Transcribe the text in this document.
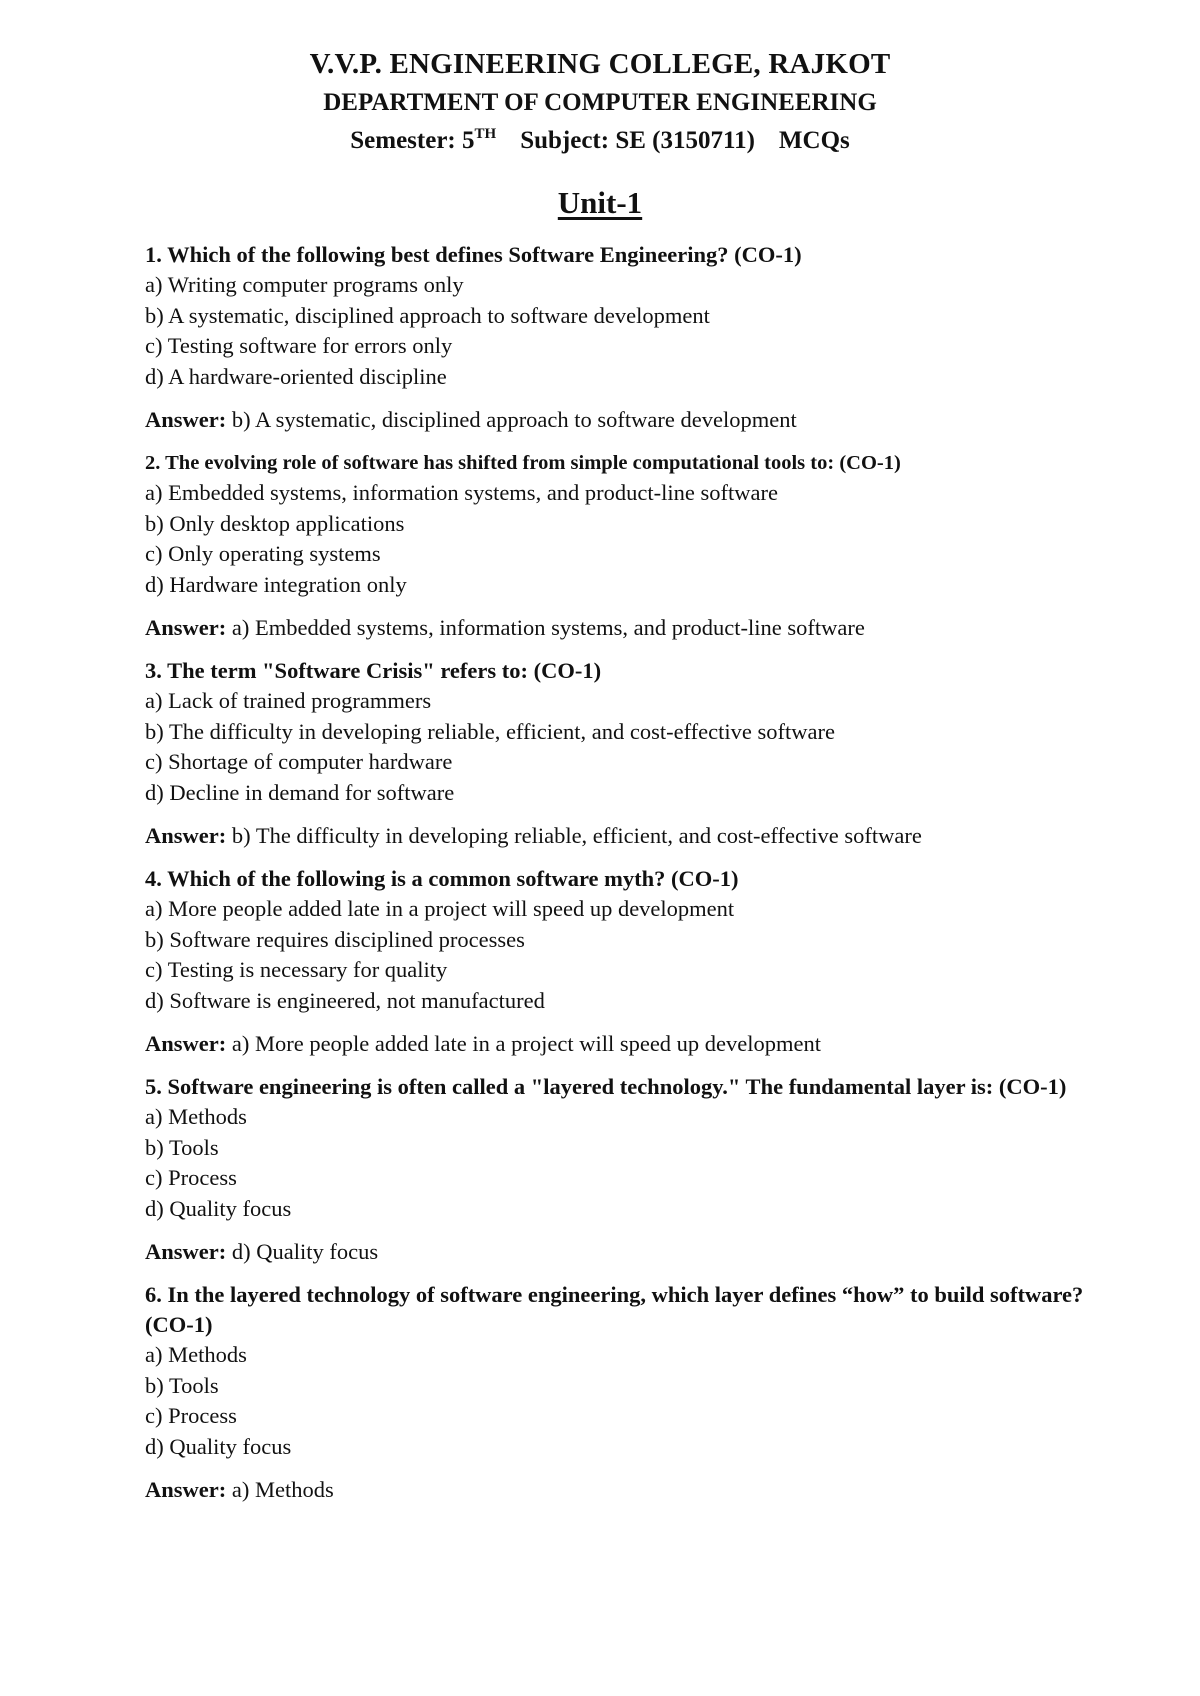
V.V.P. ENGINEERING COLLEGE, RAJKOT
DEPARTMENT OF COMPUTER ENGINEERING
Semester: 5TH Subject: SE (3150711) MCQs
Unit-1
1. Which of the following best defines Software Engineering? (CO-1)
a) Writing computer programs only
b) A systematic, disciplined approach to software development
c) Testing software for errors only
d) A hardware-oriented discipline
Answer: b) A systematic, disciplined approach to software development
2. The evolving role of software has shifted from simple computational tools to: (CO-1)
a) Embedded systems, information systems, and product-line software
b) Only desktop applications
c) Only operating systems
d) Hardware integration only
Answer: a) Embedded systems, information systems, and product-line software
3. The term "Software Crisis" refers to: (CO-1)
a) Lack of trained programmers
b) The difficulty in developing reliable, efficient, and cost-effective software
c) Shortage of computer hardware
d) Decline in demand for software
Answer: b) The difficulty in developing reliable, efficient, and cost-effective software
4. Which of the following is a common software myth? (CO-1)
a) More people added late in a project will speed up development
b) Software requires disciplined processes
c) Testing is necessary for quality
d) Software is engineered, not manufactured
Answer: a) More people added late in a project will speed up development
5. Software engineering is often called a "layered technology." The fundamental layer is: (CO-1)
a) Methods
b) Tools
c) Process
d) Quality focus
Answer: d) Quality focus
6. In the layered technology of software engineering, which layer defines “how” to build software? (CO-1)
a) Methods
b) Tools
c) Process
d) Quality focus
Answer: a) Methods
